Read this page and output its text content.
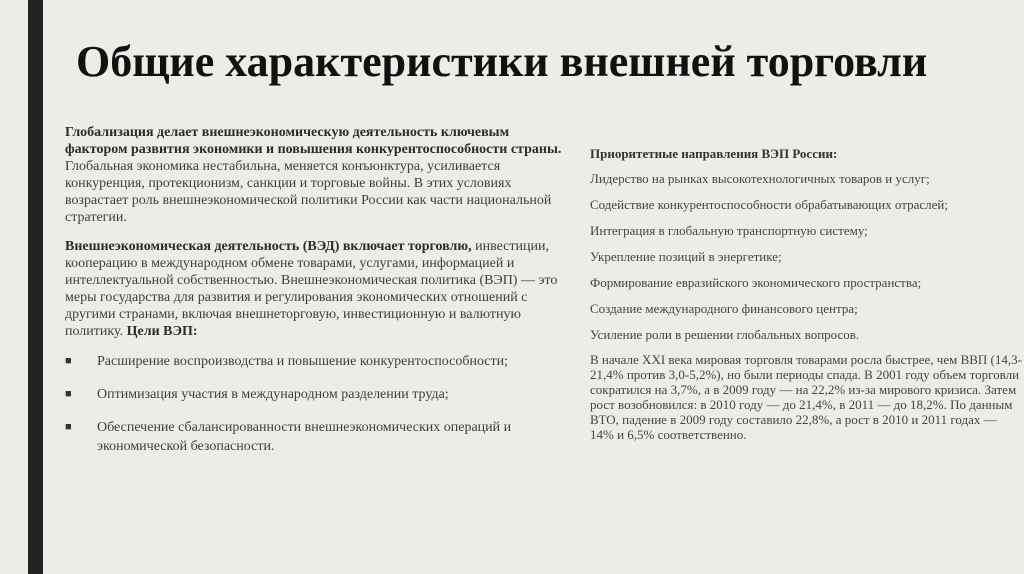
Общие характеристики внешней торговли

Глобализация делает внешнеэкономическую деятельность ключевым фактором развития экономики и повышения конкурентоспособности страны. Глобальная экономика нестабильна, меняется конъюнктура, усиливается конкуренция, протекционизм, санкции и торговые войны. В этих условиях возрастает роль внешнеэкономической политики России как части национальной стратегии.

Внешнеэкономическая деятельность (ВЭД) включает торговлю, инвестиции, кооперацию в международном обмене товарами, услугами, информацией и интеллектуальной собственностью. Внешнеэкономическая политика (ВЭП) — это меры государства для развития и регулирования экономических отношений с другими странами, включая внешнеторговую, инвестиционную и валютную политику. Цели ВЭП:

■ Расширение воспроизводства и повышение конкурентоспособности;
■ Оптимизация участия в международном разделении труда;
■ Обеспечение сбалансированности внешнеэкономических операций и экономической безопасности.
Приоритетные направления ВЭП России:
Лидерство на рынках высокотехнологичных товаров и услуг;
Содействие конкурентоспособности обрабатывающих отраслей;
Интеграция в глобальную транспортную систему;
Укрепление позиций в энергетике;
Формирование евразийского экономического пространства;
Создание международного финансового центра;
Усиление роли в решении глобальных вопросов.
В начале XXI века мировая торговля товарами росла быстрее, чем ВВП (14,3-21,4% против 3,0-5,2%), но были периоды спада. В 2001 году объем торговли сократился на 3,7%, а в 2009 году — на 22,2% из-за мирового кризиса. Затем рост возобновился: в 2010 году — до 21,4%, в 2011 — до 18,2%. По данным ВТО, падение в 2009 году составило 22,8%, а рост в 2010 и 2011 годах — 14% и 6,5% соответственно.
